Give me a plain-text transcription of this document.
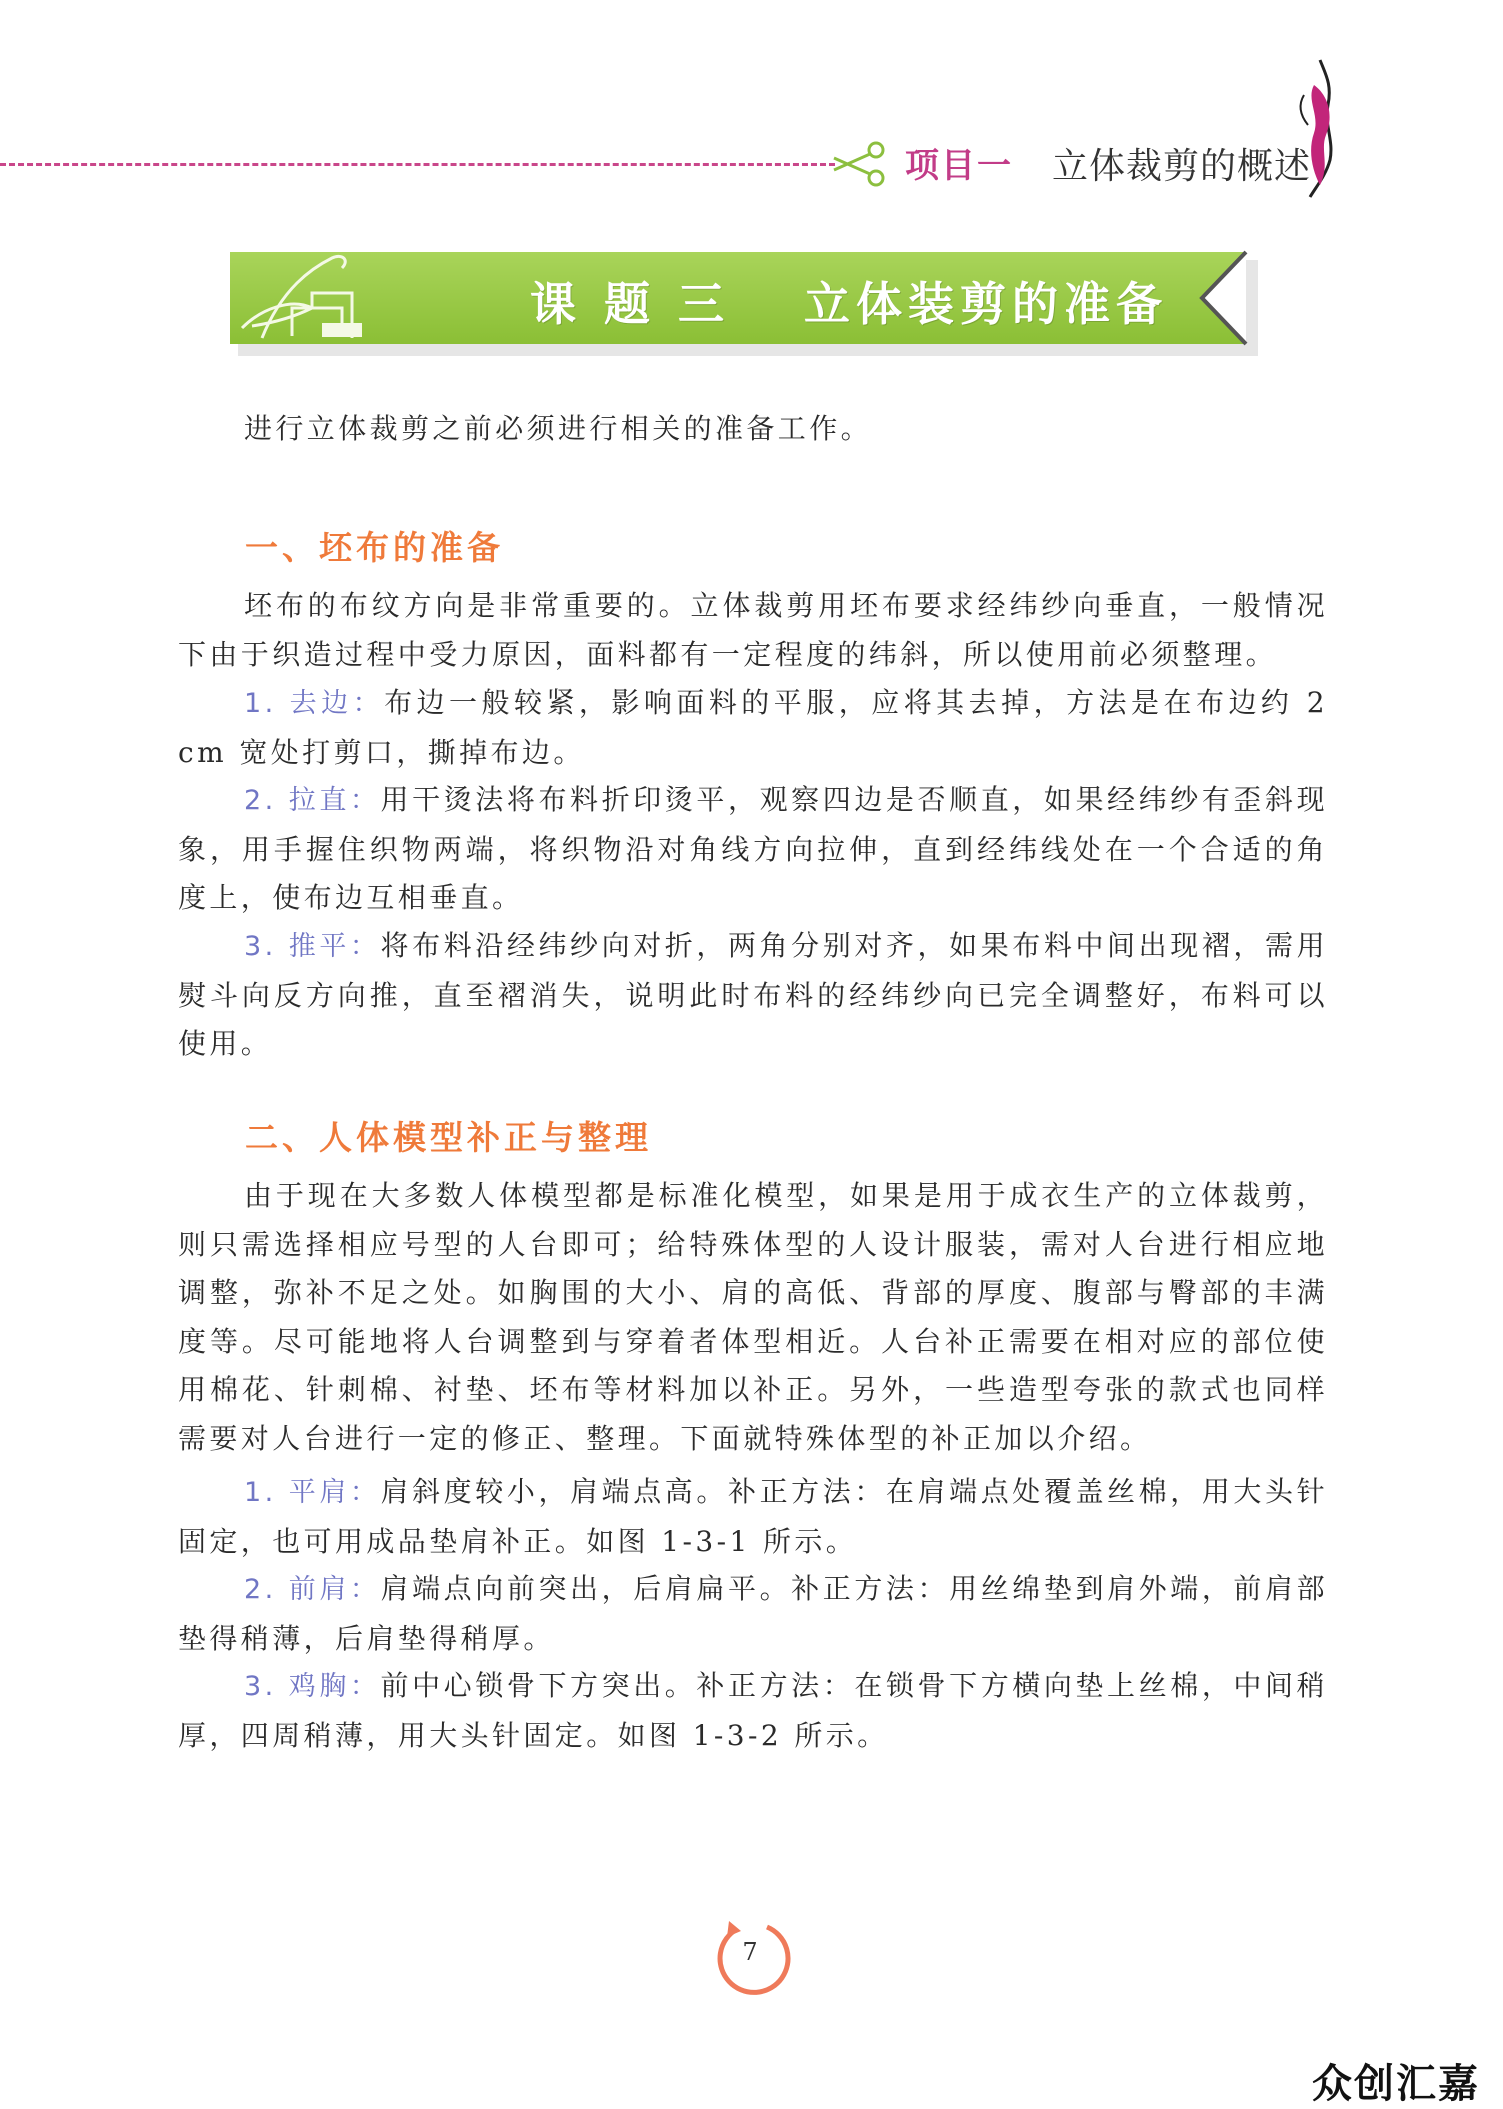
项目一 立体裁剪的概述
课 题 三　 立体装剪的准备
进行立体裁剪之前必须进行相关的准备工作。
一、坯布的准备
坯布的布纹方向是非常重要的。立体裁剪用坯布要求经纬纱向垂直，一般情况下由于织造过程中受力原因，面料都有一定程度的纬斜，所以使用前必须整理。
1. 去边：布边一般较紧，影响面料的平服，应将其去掉，方法是在布边约 2 cm 宽处打剪口，撕掉布边。
2. 拉直：用干烫法将布料折印烫平，观察四边是否顺直，如果经纬纱有歪斜现象，用手握住织物两端，将织物沿对角线方向拉伸，直到经纬线处在一个合适的角度上，使布边互相垂直。
3. 推平：将布料沿经纬纱向对折，两角分别对齐，如果布料中间出现褶，需用熨斗向反方向推，直至褶消失，说明此时布料的经纬纱向已完全调整好，布料可以使用。
二、人体模型补正与整理
由于现在大多数人体模型都是标准化模型，如果是用于成衣生产的立体裁剪，则只需选择相应号型的人台即可；给特殊体型的人设计服装，需对人台进行相应地调整，弥补不足之处。如胸围的大小、肩的高低、背部的厚度、腹部与臀部的丰满度等。尽可能地将人台调整到与穿着者体型相近。人台补正需要在相对应的部位使用棉花、针刺棉、衬垫、坯布等材料加以补正。另外，一些造型夸张的款式也同样需要对人台进行一定的修正、整理。下面就特殊体型的补正加以介绍。
1. 平肩：肩斜度较小，肩端点高。补正方法：在肩端点处覆盖丝棉，用大头针固定，也可用成品垫肩补正。如图 1-3-1 所示。
2. 前肩：肩端点向前突出，后肩扁平。补正方法：用丝绵垫到肩外端，前肩部垫得稍薄，后肩垫得稍厚。
3. 鸡胸：前中心锁骨下方突出。补正方法：在锁骨下方横向垫上丝棉，中间稍厚，四周稍薄，用大头针固定。如图 1-3-2 所示。
7
众创汇嘉
